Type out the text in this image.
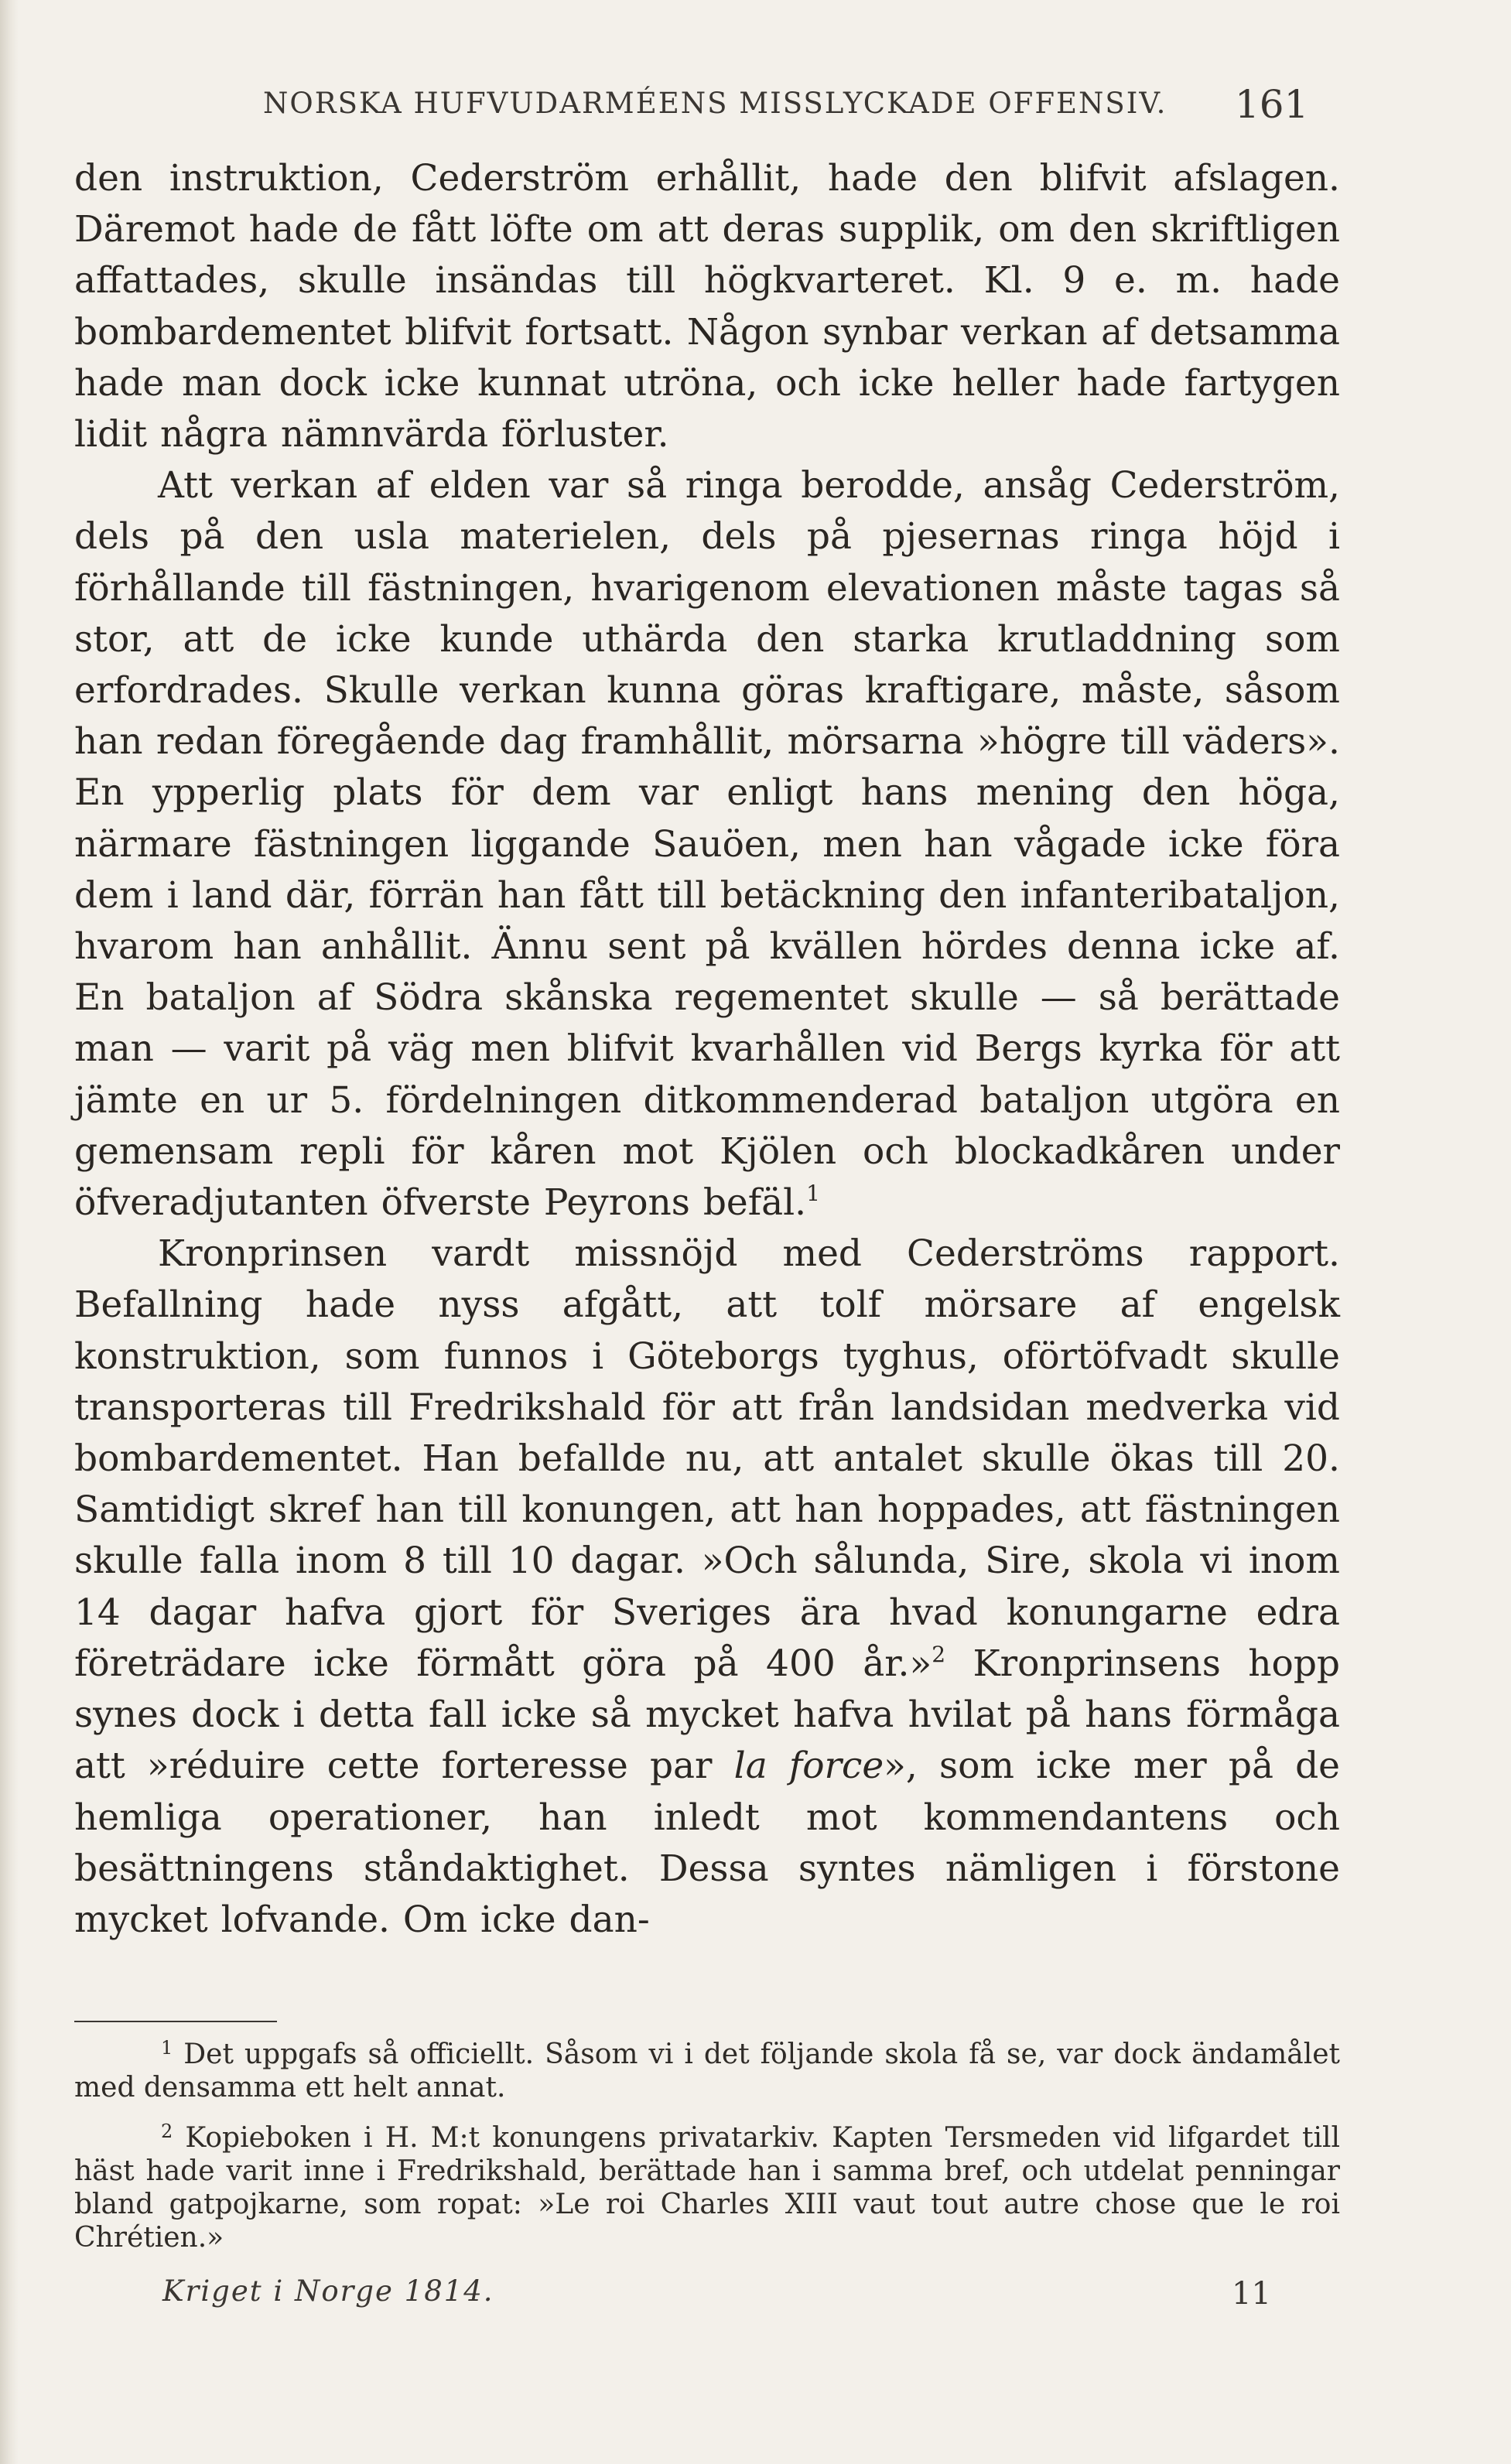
NORSKA HUFVUDARMÉENS MISSLYCKADE OFFENSIV.	161

den instruktion, Cederström erhållit, hade den blifvit afslagen. Däremot hade de fått löfte om att deras supplik, om den skriftligen affattades, skulle insändas till högkvarteret. Kl. 9 e. m. hade bombardementet blifvit fortsatt. Någon synbar verkan af detsamma hade man dock icke kunnat utröna, och icke heller hade fartygen lidit några nämnvärda förluster.

Att verkan af elden var så ringa berodde, ansåg Cederström, dels på den usla materielen, dels på pjesernas ringa höjd i förhållande till fästningen, hvarigenom elevationen måste tagas så stor, att de icke kunde uthärda den starka krutladdning som erfordrades. Skulle verkan kunna göras kraftigare, måste, såsom han redan föregående dag framhållit, mörsarna »högre till väders». En ypperlig plats för dem var enligt hans mening den höga, närmare fästningen liggande Sauöen, men han vågade icke föra dem i land där, förrän han fått till betäckning den infanteribataljon, hvarom han anhållit. Ännu sent på kvällen hördes denna icke af. En bataljon af Södra skånska regementet skulle — så berättade man — varit på väg men blifvit kvarhållen vid Bergs kyrka för att jämte en ur 5. fördelningen ditkommenderad bataljon utgöra en gemensam repli för kåren mot Kjölen och blockadkåren under öfveradjutanten öfverste Peyrons befäl.$^1$

Kronprinsen vardt missnöjd med Cederströms rapport. Befallning hade nyss afgått, att tolf mörsare af engelsk konstruktion, som funnos i Göteborgs tyghus, oförtöfvadt skulle transporteras till Fredrikshald för att från landsidan medverka vid bombardementet. Han befallde nu, att antalet skulle ökas till 20. Samtidigt skref han till konungen, att han hoppades, att fästningen skulle falla inom 8 till 10 dagar. »Och sålunda, Sire, skola vi inom 14 dagar hafva gjort för Sveriges ära hvad konungarne edra företrädare icke förmått göra på 400 år.»$^2$ Kronprinsens hopp synes dock i detta fall icke så mycket hafva hvilat på hans förmåga att »réduire cette forteresse par la force», som icke mer på de hemliga operationer, han inledt mot kommendantens och besättningens ståndaktighet. Dessa syntes nämligen i förstone mycket lofvande. Om icke dan-

$^1$ Det uppgafs så officiellt. Såsom vi i det följande skola få se, var dock ändamålet med densamma ett helt annat.

$^2$ Kopieboken i H. M:t konungens privatarkiv. Kapten Tersmeden vid lifgardet till häst hade varit inne i Fredrikshald, berättade han i samma bref, och utdelat penningar bland gatpojkarne, som ropat: »Le roi Charles XIII vaut tout autre chose que le roi Chrétien.»

Kriget i Norge 1814.	11
